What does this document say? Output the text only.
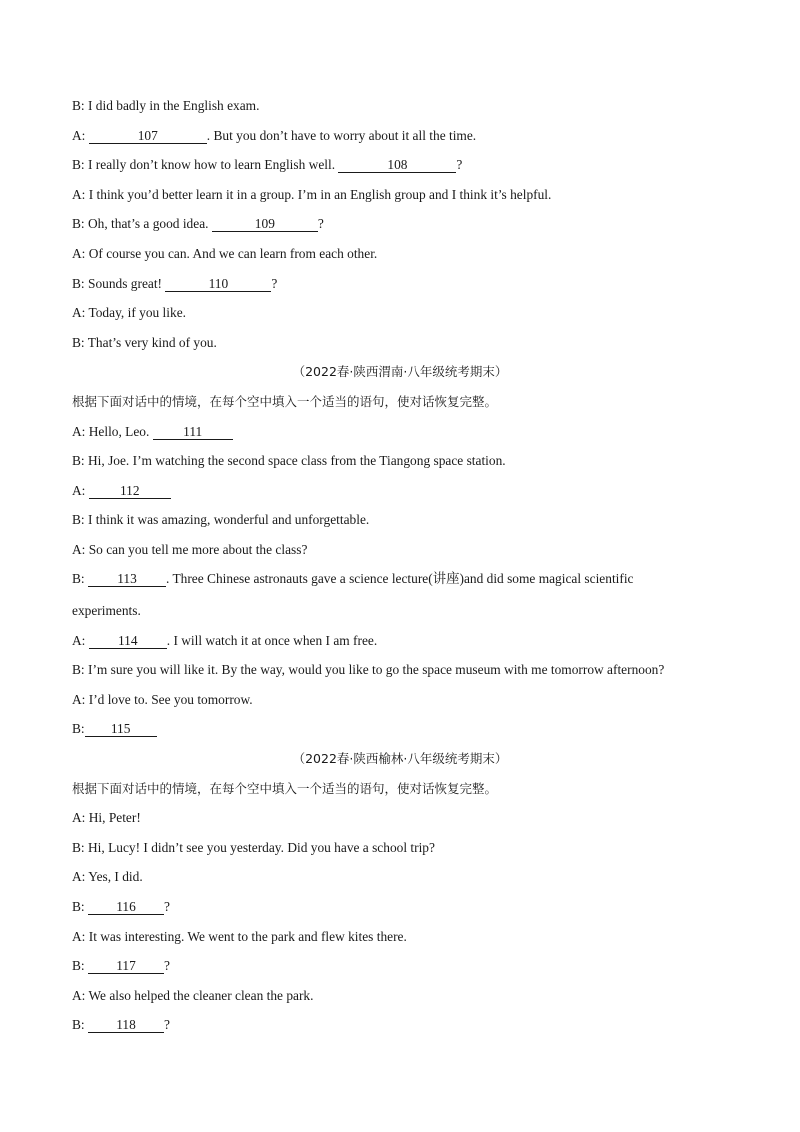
B: I did badly in the English exam.
A:	107	. But you don’t have to worry about it all the time.
B: I really don’t know how to learn English well.	108	?
A: I think you’d better learn it in a group. I’m in an English group and I think it’s helpful.
B: Oh, that’s a good idea.	109	?
A: Of course you can. And we can learn from each other.
B: Sounds great!	110	?
A: Today, if you like.
B: That’s very kind of you.
（2022春·陕西渭南·八年级统考期末）
根据下面对话中的情境，在每个空中填入一个适当的语句，使对话恢复完整。
A: Hello, Leo. 111
B: Hi, Joe. I’m watching the second space class from the Tiangong space station.
A: 112
B: I think it was amazing, wonderful and unforgettable.
A: So can you tell me more about the class?
B: 113 . Three Chinese astronauts gave a science lecture(讲座)and did some magical scientific
experiments.
A: 114 . I will watch it at once when I am free.
B: I’m sure you will like it. By the way, would you like to go the space museum with me tomorrow afternoon?
A: I’d love to. See you tomorrow.
B: 115
（2022春·陕西榆林·八年级统考期末）
根据下面对话中的情境，在每个空中填入一个适当的语句，使对话恢复完整。
A: Hi, Peter!
B: Hi, Lucy! I didn’t see you yesterday. Did you have a school trip?
A: Yes, I did.
B: 116 ?
A: It was interesting. We went to the park and flew kites there.
B: 117 ?
A: We also helped the cleaner clean the park.
B: 118 ?
